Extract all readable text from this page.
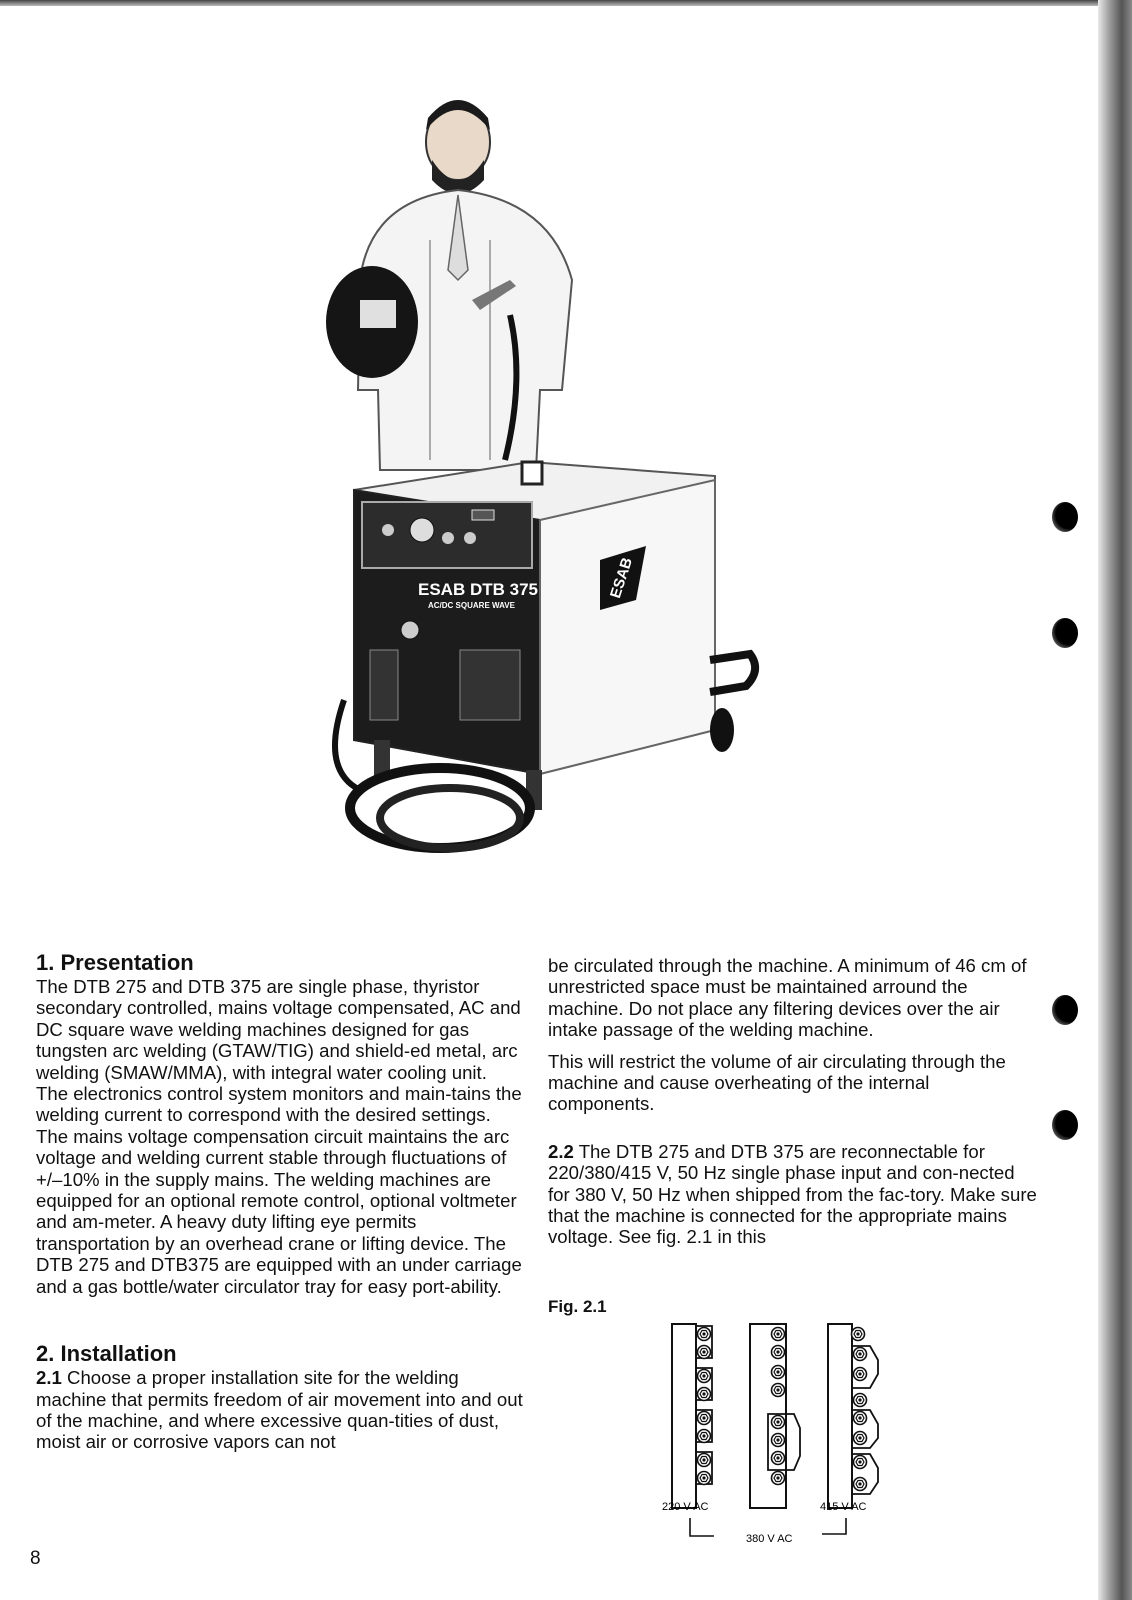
ESAB DTB 375
AC/DC SQUARE WAVE
ESAB
1. Presentation

The DTB 275 and DTB 375 are single phase, thyristor secondary controlled, mains voltage compensated, AC and DC square wave welding machines designed for gas tungsten arc welding (GTAW/TIG) and shield-ed metal, arc welding (SMAW/MMA), with integral water cooling unit.

The electronics control system monitors and main-tains the welding current to correspond with the desired settings. The mains voltage compensation circuit maintains the arc voltage and welding current stable through fluctuations of +/–10% in the supply mains. The welding machines are equipped for an optional remote control, optional voltmeter and am-meter. A heavy duty lifting eye permits transportation by an overhead crane or lifting device. The DTB 275 and DTB375 are equipped with an under carriage and a gas bottle/water circulator tray for easy port-ability.

2. Installation

2.1 Choose a proper installation site for the welding machine that permits freedom of air movement into and out of the machine, and where excessive quan-tities of dust, moist air or corrosive vapors can not

be circulated through the machine. A minimum of 46 cm of unrestricted space must be maintained arround the machine. Do not place any filtering devices over the air intake passage of the welding machine.

This will restrict the volume of air circulating through the machine and cause overheating of the internal components.

2.2 The DTB 275 and DTB 375 are reconnectable for 220/380/415 V, 50 Hz single phase input and con-nected for 380 V, 50 Hz when shipped from the fac-tory. Make sure that the machine is connected for the appropriate mains voltage. See fig. 2.1 in this

Fig. 2.1
220 V AC
380 V AC
415 V AC
8
